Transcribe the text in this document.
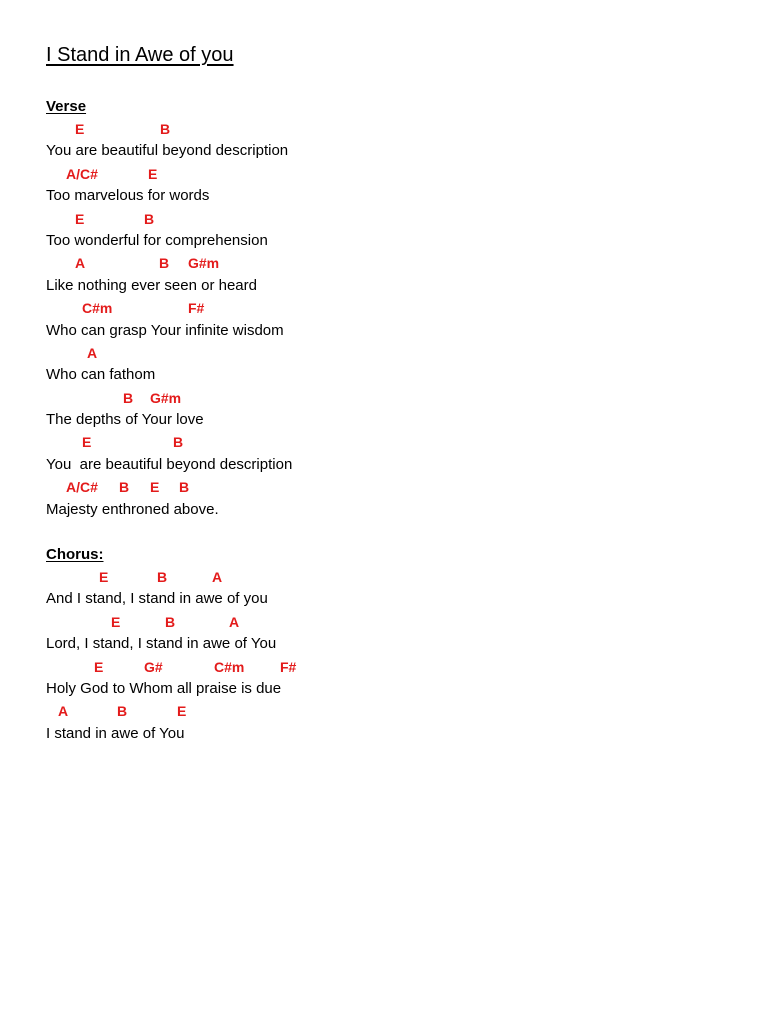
I Stand in Awe of you
Verse
E	B
You are beautiful beyond description
A/C#	E
Too marvelous for words
E	B
Too wonderful for comprehension
A	B G#m
Like nothing ever seen or heard
C#m	F#
Who can grasp Your infinite wisdom
A
Who can fathom
B G#m
The depths of Your love
E	B
You  are beautiful beyond description
A/C# B E B
Majesty enthroned above.
Chorus:
E	B	A
And I stand, I stand in awe of you
E	B	A
Lord, I stand, I stand in awe of You
E	G#	C#m	F#
Holy God to Whom all praise is due
A	B	E
I stand in awe of You
